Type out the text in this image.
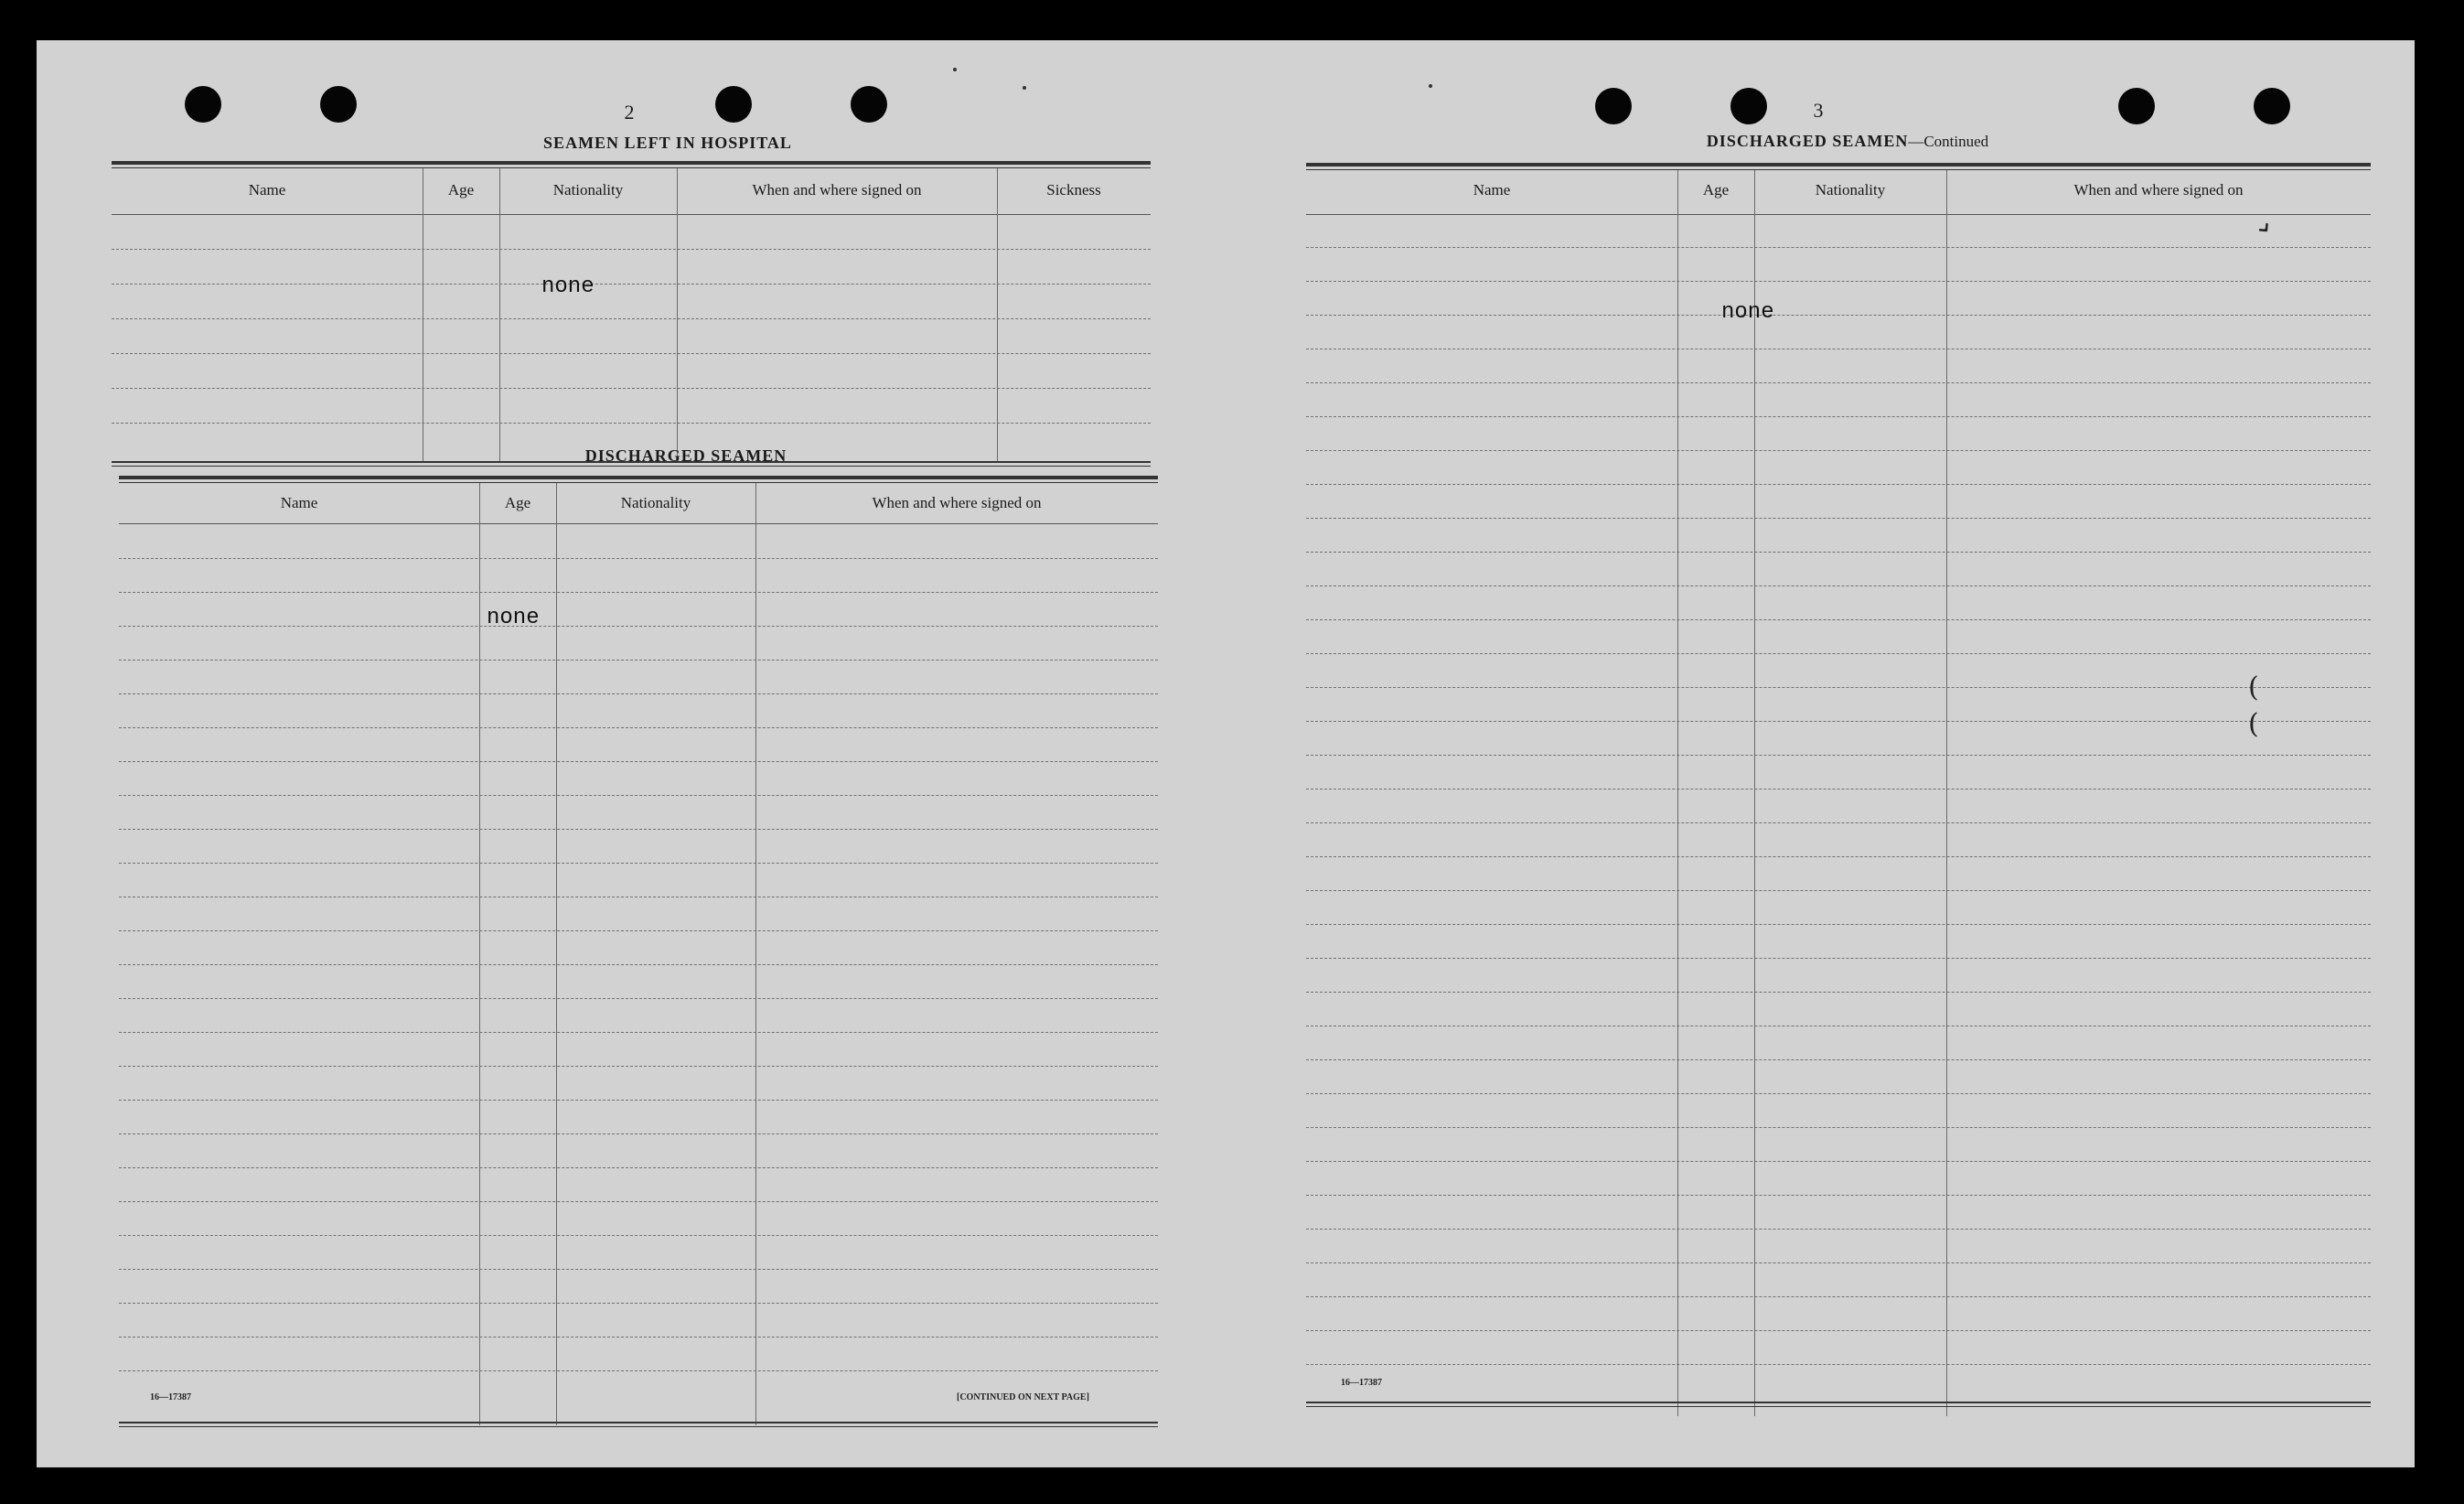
2
SEAMEN LEFT IN HOSPITAL
Name	Age	Nationality	When and where signed on	Sickness
none
DISCHARGED SEAMEN
Name	Age	Nationality	When and where signed on
none
16—17387	[CONTINUED ON NEXT PAGE]
3
DISCHARGED SEAMEN—Continued
Name	Age	Nationality	When and where signed on
none
⌄
(
(
16—17387
